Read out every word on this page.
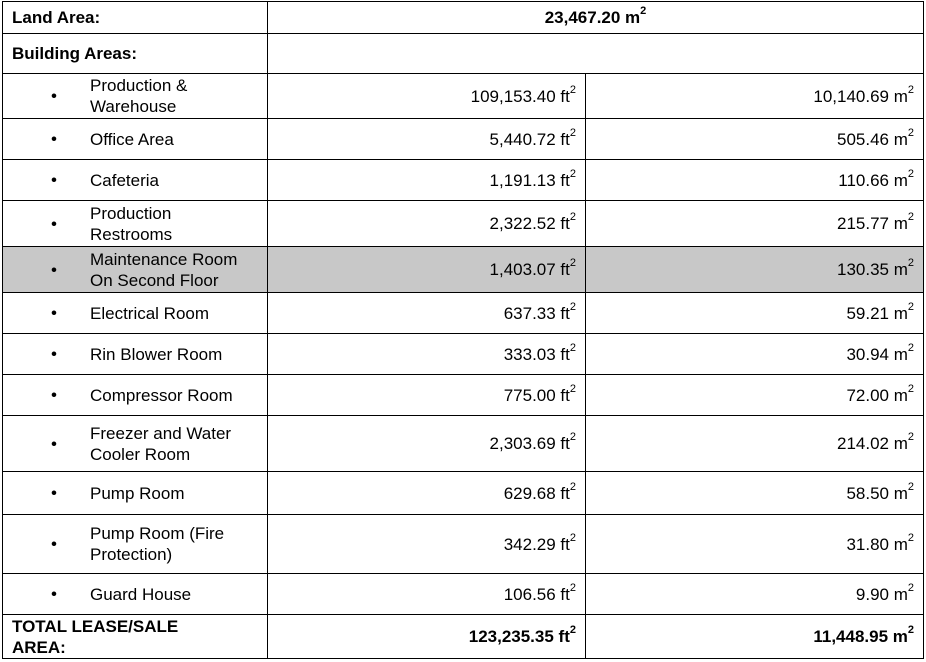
Land Area:	23,467.20 $m^2$
Building Areas:		

•
Production & Warehouse	109,153.40 $ft^2$	10,140.69 $m^2$

• Office Area	5,440.72 $ft^2$	505.46 $m^2$

• Cafeteria	1,191.13 $ft^2$	110.66 $m^2$

•
Production Restrooms	2,322.52 $ft^2$	215.77 $m^2$

•
Maintenance Room On Second Floor	1,403.07 $ft^2$	130.35 $m^2$

• Electrical Room	637.33 $ft^2$	59.21 $m^2$

• Rin Blower Room	333.03 $ft^2$	30.94 $m^2$

• Compressor Room	775.00 $ft^2$	72.00 $m^2$

•
Freezer and Water Cooler Room	2,303.69 $ft^2$	214.02 $m^2$

• Pump Room	629.68 $ft^2$	58.50 $m^2$

•
Pump Room (Fire Protection)	342.29 $ft^2$	31.80 $m^2$

• Guard House	106.56 $ft^2$	9.90 $m^2$
TOTAL LEASE/SALE AREA:	123,235.35 $ft^2$	11,448.95 $m^2$
